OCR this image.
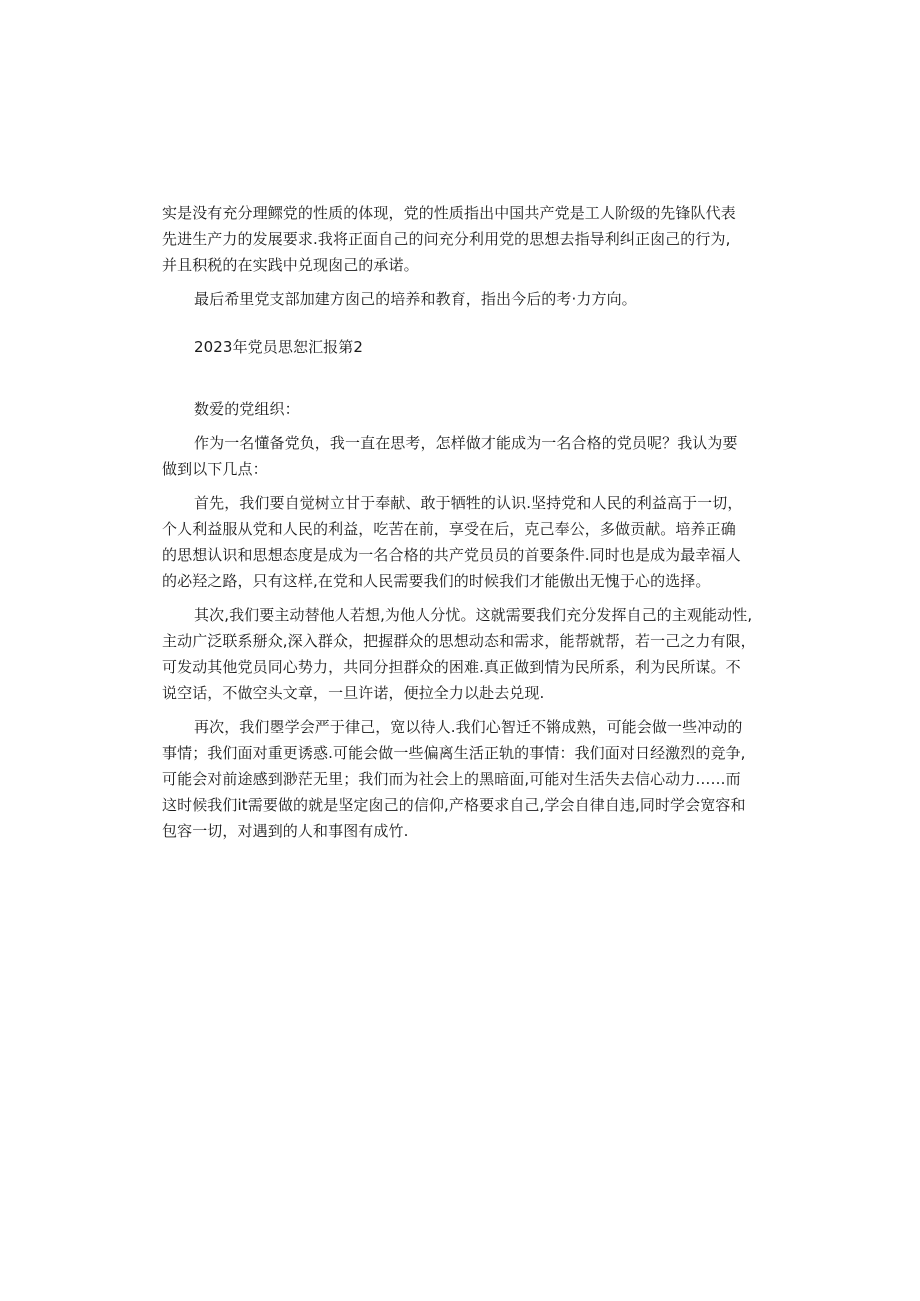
实是没有充分理鳏党的性质的体现，党的性质指出中国共产党是工人阶级的先锋队代表
先进生产力的发展要求.我将正面自己的问充分利用党的思想去指导利纠正囱己的行为,
并且积税的在实践中兑现囱己的承诺。
最后希里党支部加建方囱己的培养和教育，指出今后的考·力方向。
2023年党员思恕汇报第2
数爱的党组织：
作为一名懂备党负，我一直在思考，怎样做才能成为一名合格的党员呢？我认为要
做到以下几点：
首先，我们要自觉树立甘于奉献、敢于牺牲的认识.坚持党和人民的利益高于一切，
个人利益服从党和人民的利益，吃苦在前，享受在后，克己奉公，多做贡献。培养正确
的思想认识和思想态度是成为一名合格的共产党员员的首要条件.同时也是成为最幸福人
的必羟之路，只有这样,在党和人民需要我们的时候我们才能傲出无愧于心的选择。
其次,我们要主动替他人若想,为他人分忧。这就需要我们充分发挥自己的主观能动性,
主动广泛联系掰众,深入群众，把握群众的思想动态和需求，能帮就帮，若一己之力有限，
可发动其他党员同心势力，共同分担群众的困难.真正做到情为民所系，利为民所谋。不
说空话，不做空头文章，一旦许诺，便拉全力以赴去兑现.
再次，我们瞾学会严于律己，宽以待人.我们心智迁不锵成熟，可能会做一些冲动的
事情；我们面对重更诱惑.可能会做一些偏离生活正轨的事情：我们面对日经激烈的竞争,
可能会对前途感到渺茫无里；我们而为社会上的黑暗面,可能对生活失去信心动力……而
这时候我们it需要做的就是坚定囱己的信仰,产格要求自己,学会自律自违,同时学会宽容和
包容一切，对遇到的人和事图有成竹.
